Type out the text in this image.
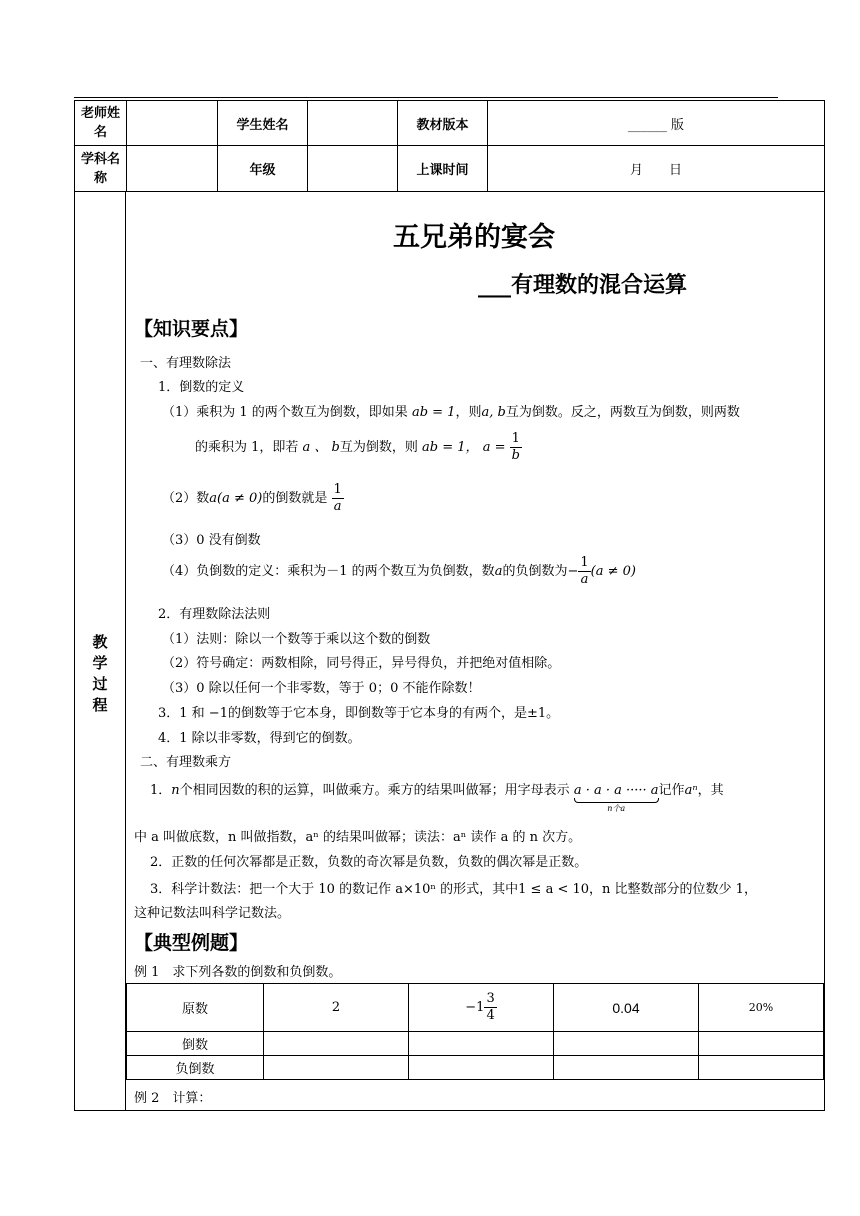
老师姓名		学生姓名		教材版本	______ 版
学科名称		年级		上课时间	月　　日
教学过程
五兄弟的宴会
___有理数的混合运算
【知识要点】
一、有理数除法
1．倒数的定义
（1）乘积为 1 的两个数互为倒数，即如果 ab = 1，则a, b互为倒数。反之，两数互为倒数，则两数
的乘积为 1，即若 a 、 b互为倒数，则 ab = 1， $a = \frac{1}{b}$
（2）数a(a ≠ 0)的倒数就是 $\frac{1}{a}$
（3）0 没有倒数
（4）负倒数的定义：乘积为－1 的两个数互为负倒数，数a的负倒数为− $\frac{1}{a} (a \ne 0)$
2．有理数除法法则
（1）法则：除以一个数等于乘以这个数的倒数
（2）符号确定：两数相除，同号得正，异号得负，并把绝对值相除。
（3）0 除以任何一个非零数，等于 0；0 不能作除数！
3．1 和 −1的倒数等于它本身，即倒数等于它本身的有两个，是±1。
4．1 除以非零数，得到它的倒数。
二、有理数乘方
1．n个相同因数的积的运算，叫做乘方。乘方的结果叫做幂；用字母表示 a · a · a ····· a
n个a
记作aⁿ，其
中 a 叫做底数，n 叫做指数，aⁿ 的结果叫做幂；读法：aⁿ 读作 a 的 n 次方。
2．正数的任何次幂都是正数，负数的奇次幂是负数，负数的偶次幂是正数。
3．科学计数法：把一个大于 10 的数记作 a×10ⁿ 的形式，其中1 ≤ a < 10，n 比整数部分的位数少 1，
这种记数法叫科学记数法。
【典型例题】
例 1　求下列各数的倒数和负倒数。
原数	2	$-1 \frac{3}{4}$	0.04	20%
倒数				
负倒数				
例 2　计算：
